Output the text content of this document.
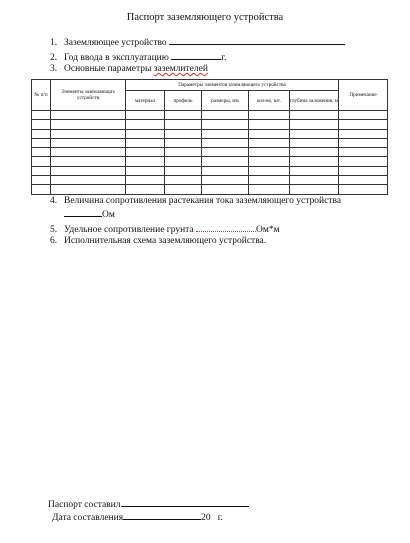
Паспорт заземляющего устройства
1. Заземляющее устройство
2. Год ввода в эксплуатацию	г.
3. Основные параметры заземлителей
№ п/п	Элементы заземляющих устройств	Параметры элементов заземляющего устройства					Примечание
		материал	профиль	размеры, мм	кол-во, шт.	глубина заложения, м	

4. Величина сопротивления растекания тока заземляющего устройства
Ом
5. Удельное сопротивление грунта	Ом*м
6. Исполнительная схема заземляющего устройства.
Паспорт составил
Дата составления	20 г.
